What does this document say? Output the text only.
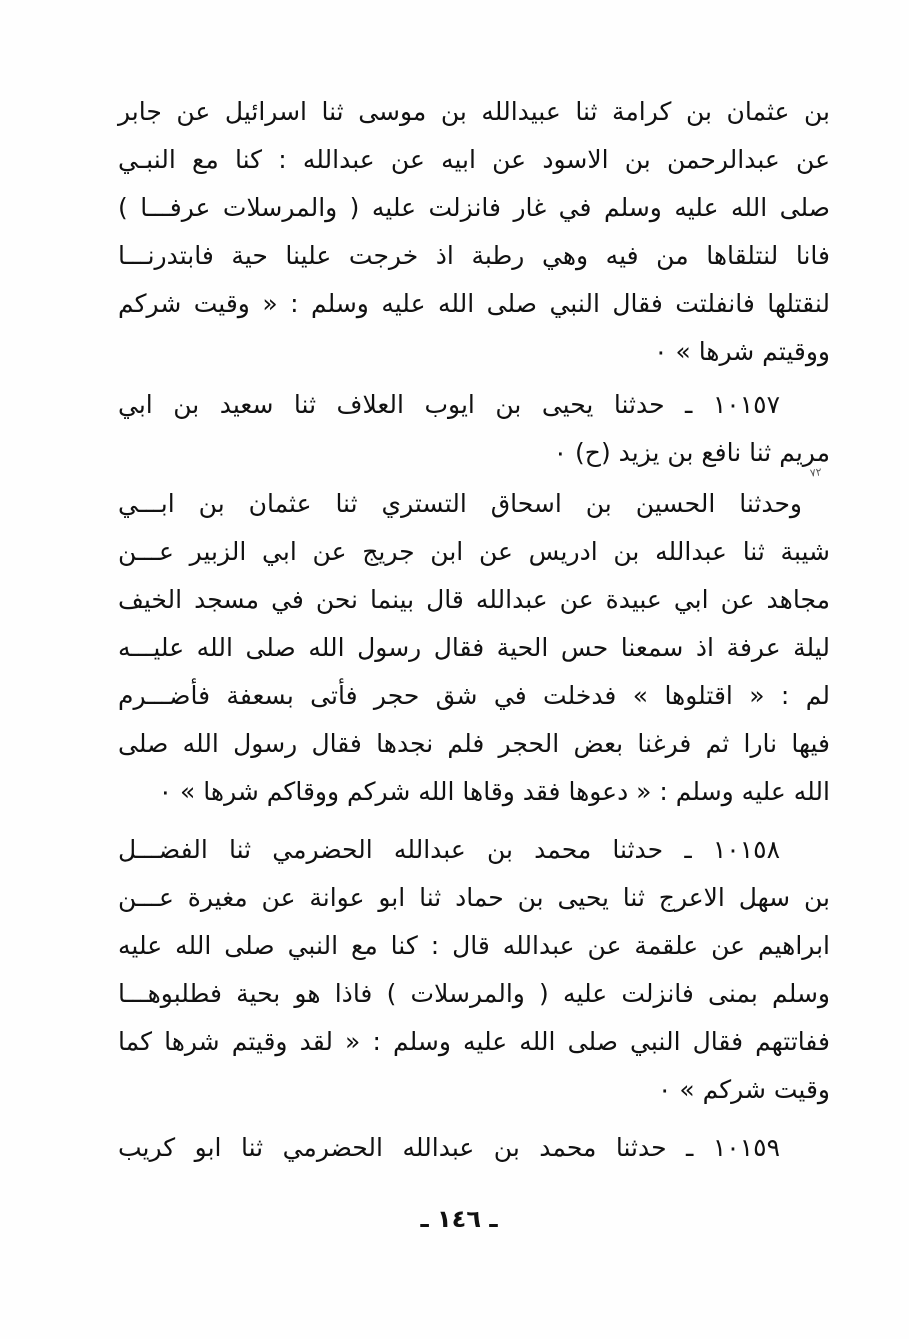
بن عثمان بن كرامة ثنا عبيدالله بن موسى ثنا اسرائيل عن جابر
عن عبدالرحمن بن الاسود عن ابيه عن عبدالله : كنا مع النبـي
صلى الله عليه وسلم في غار فانزلت عليه ( والمرسلات عرفـــا )
فانا لنتلقاها من فيه وهي رطبة اذ خرجت علينا حية فابتدرنـــا
لنقتلها فانفلتت فقال النبي صلى الله عليه وسلم : « وقيت شركم
ووقيتم شرها » ٠
١٠١٥٧ ـ حدثنا يحيى بن ايوب العلاف ثنا سعيد بن ابي
مريم ثنا نافع بن يزيد (ح) ٠
٧٢
وحدثنا الحسين بن اسحاق التستري ثنا عثمان بن ابـــي
شيبة ثنا عبدالله بن ادريس عن ابن جريج عن ابي الزبير عـــن
مجاهد عن ابي عبيدة عن عبدالله قال بينما نحن في مسجد الخيف
ليلة عرفة اذ سمعنا حس الحية فقال رسول الله صلى الله عليـــه
لم : « اقتلوها » فدخلت في شق حجر فأتى بسعفة فأضـــرم
فيها نارا ثم فرغنا بعض الحجر فلم نجدها فقال رسول الله صلى
الله عليه وسلم : « دعوها فقد وقاها الله شركم ووقاكم شرها » ٠
١٠١٥٨ ـ حدثنا محمد بن عبدالله الحضرمي ثنا الفضـــل
بن سهل الاعرج ثنا يحيى بن حماد ثنا ابو عوانة عن مغيرة عـــن
ابراهيم عن علقمة عن عبدالله قال : كنا مع النبي صلى الله عليه
وسلم بمنى فانزلت عليه ( والمرسلات ) فاذا هو بحية فطلبوهـــا
ففاتتهم فقال النبي صلى الله عليه وسلم : « لقد وقيتم شرها كما
وقيت شركم » ٠
١٠١٥٩ ـ حدثنا محمد بن عبدالله الحضرمي ثنا ابو كريب
ـ ١٤٦ ـ
